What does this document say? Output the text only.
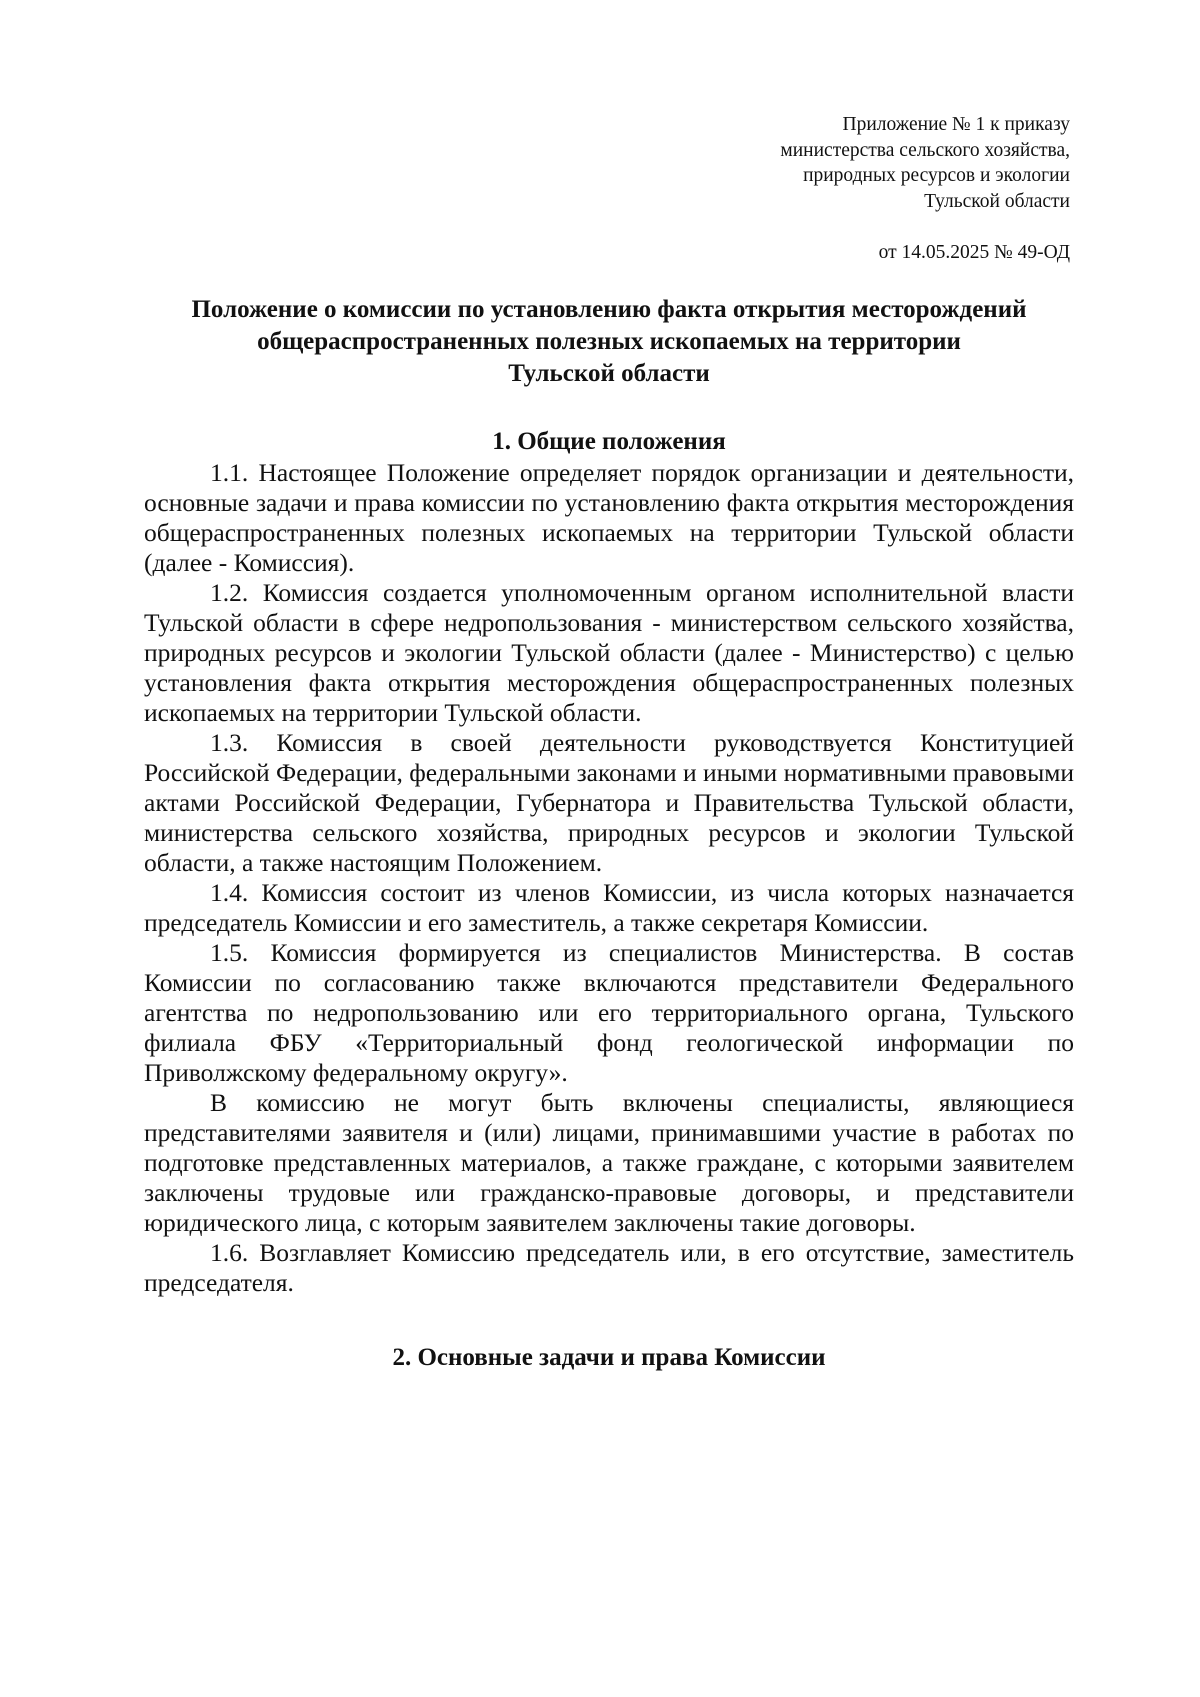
Приложение № 1 к приказу
министерства сельского хозяйства,
природных ресурсов и экологии
Тульской области
от 14.05.2025 № 49-ОД
Положение о комиссии по установлению факта открытия месторождений
общераспространенных полезных ископаемых на территории
Тульской области
1. Общие положения

1.1. Настоящее Положение определяет порядок организации и деятельности, основные задачи и права комиссии по установлению факта открытия месторождения общераспространенных полезных ископаемых на территории Тульской области (далее - Комиссия).

1.2. Комиссия создается уполномоченным органом исполнительной власти Тульской области в сфере недропользования - министерством сельского хозяйства, природных ресурсов и экологии Тульской области (далее - Министерство) с целью установления факта открытия месторождения общераспространенных полезных ископаемых на территории Тульской области.

1.3. Комиссия в своей деятельности руководствуется Конституцией Российской Федерации, федеральными законами и иными нормативными правовыми актами Российской Федерации, Губернатора и Правительства Тульской области, министерства сельского хозяйства, природных ресурсов и экологии Тульской области, а также настоящим Положением.

1.4. Комиссия состоит из членов Комиссии, из числа которых назначается председатель Комиссии и его заместитель, а также секретаря Комиссии.

1.5. Комиссия формируется из специалистов Министерства. В состав Комиссии по согласованию также включаются представители Федерального агентства по недропользованию или его территориального органа, Тульского филиала ФБУ «Территориальный фонд геологической информации по Приволжскому федеральному округу».

В комиссию не могут быть включены специалисты, являющиеся представителями заявителя и (или) лицами, принимавшими участие в работах по подготовке представленных материалов, а также граждане, с которыми заявителем заключены трудовые или гражданско-правовые договоры, и представители юридического лица, с которым заявителем заключены такие договоры.

1.6. Возглавляет Комиссию председатель или, в его отсутствие, заместитель председателя.

2. Основные задачи и права Комиссии
